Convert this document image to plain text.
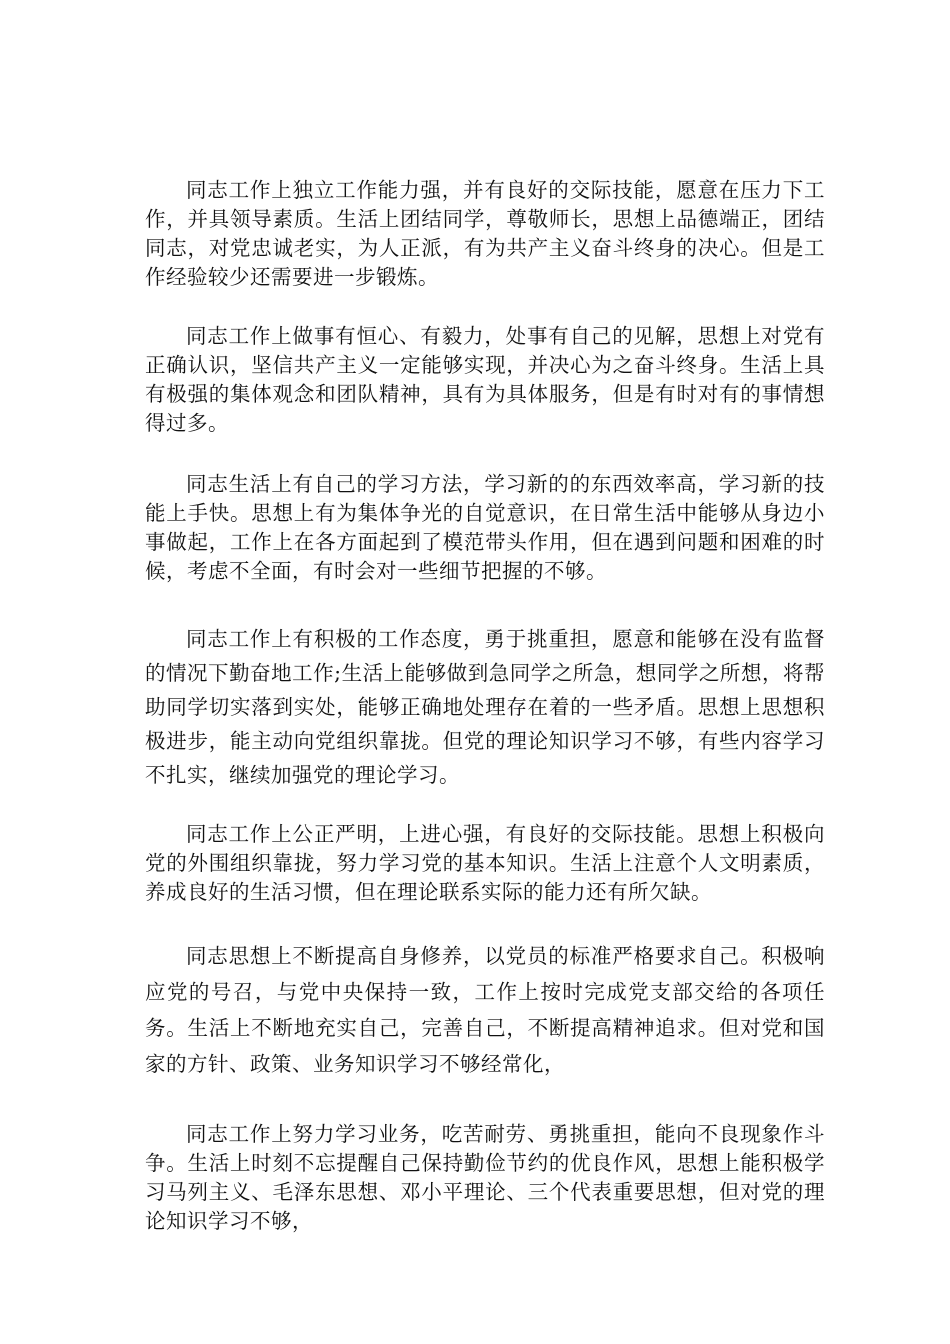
同志工作上独立工作能力强，并有良好的交际技能，愿意在压力下工作，并具领导素质。生活上团结同学，尊敬师长，思想上品德端正，团结同志，对党忠诚老实，为人正派，有为共产主义奋斗终身的决心。但是工作经验较少还需要进一步锻炼。

同志工作上做事有恒心、有毅力，处事有自己的见解，思想上对党有正确认识，坚信共产主义一定能够实现，并决心为之奋斗终身。生活上具有极强的集体观念和团队精神，具有为具体服务，但是有时对有的事情想得过多。

同志生活上有自己的学习方法，学习新的的东西效率高，学习新的技能上手快。思想上有为集体争光的自觉意识，在日常生活中能够从身边小事做起，工作上在各方面起到了模范带头作用，但在遇到问题和困难的时候，考虑不全面，有时会对一些细节把握的不够。

同志工作上有积极的工作态度，勇于挑重担，愿意和能够在没有监督的情况下勤奋地工作;生活上能够做到急同学之所急，想同学之所想，将帮助同学切实落到实处，能够正确地处理存在着的一些矛盾。思想上思想积极进步，能主动向党组织靠拢。但党的理论知识学习不够，有些内容学习不扎实，继续加强党的理论学习。

同志工作上公正严明，上进心强，有良好的交际技能。思想上积极向党的外围组织靠拢，努力学习党的基本知识。生活上注意个人文明素质，养成良好的生活习惯，但在理论联系实际的能力还有所欠缺。

同志思想上不断提高自身修养，以党员的标准严格要求自己。积极响应党的号召，与党中央保持一致，工作上按时完成党支部交给的各项任务。生活上不断地充实自己，完善自己，不断提高精神追求。但对党和国家的方针、政策、业务知识学习不够经常化，

同志工作上努力学习业务，吃苦耐劳、勇挑重担，能向不良现象作斗争。生活上时刻不忘提醒自己保持勤俭节约的优良作风，思想上能积极学习马列主义、毛泽东思想、邓小平理论、三个代表重要思想，但对党的理论知识学习不够，
